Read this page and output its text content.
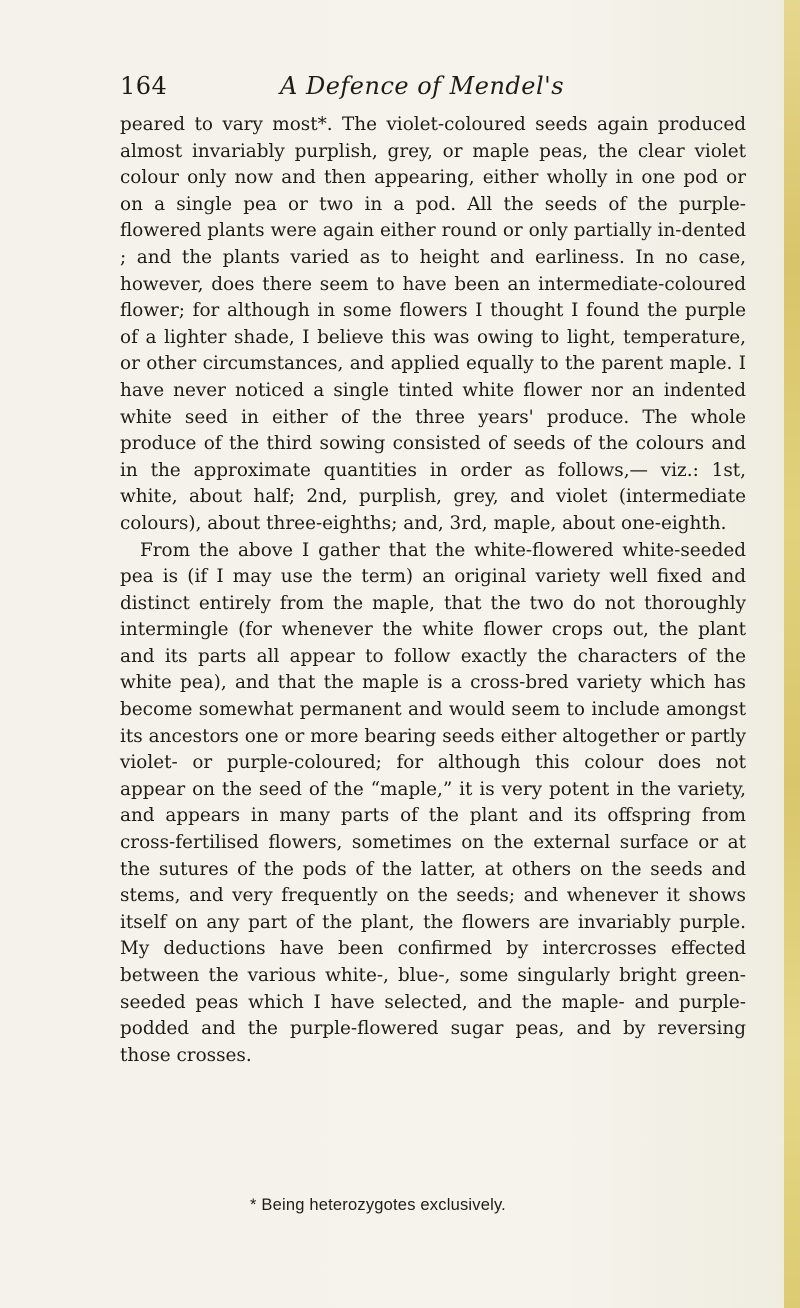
164	A Defence of Mendel's

peared to vary most*. The violet-coloured seeds again produced almost invariably purplish, grey, or maple peas, the clear violet colour only now and then appearing, either wholly in one pod or on a single pea or two in a pod. All the seeds of the purple-flowered plants were again either round or only partially in-dented ; and the plants varied as to height and earliness. In no case, however, does there seem to have been an intermediate-coloured flower; for although in some flowers I thought I found the purple of a lighter shade, I believe this was owing to light, temperature, or other circumstances, and applied equally to the parent maple. I have never noticed a single tinted white flower nor an indented white seed in either of the three years' produce. The whole produce of the third sowing consisted of seeds of the colours and in the approximate quantities in order as follows,— viz.: 1st, white, about half; 2nd, purplish, grey, and violet (intermediate colours), about three-eighths; and, 3rd, maple, about one-eighth.

From the above I gather that the white-flowered white-seeded pea is (if I may use the term) an original variety well fixed and distinct entirely from the maple, that the two do not thoroughly intermingle (for whenever the white flower crops out, the plant and its parts all appear to follow exactly the characters of the white pea), and that the maple is a cross-bred variety which has become somewhat permanent and would seem to include amongst its ancestors one or more bearing seeds either altogether or partly violet- or purple-coloured; for although this colour does not appear on the seed of the “maple,” it is very potent in the variety, and appears in many parts of the plant and its offspring from cross-fertilised flowers, sometimes on the external surface or at the sutures of the pods of the latter, at others on the seeds and stems, and very frequently on the seeds; and whenever it shows itself on any part of the plant, the flowers are invariably purple. My deductions have been confirmed by intercrosses effected between the various white-, blue-, some singularly bright green-seeded peas which I have selected, and the maple- and purple-podded and the purple-flowered sugar peas, and by reversing those crosses.

* Being heterozygotes exclusively.
